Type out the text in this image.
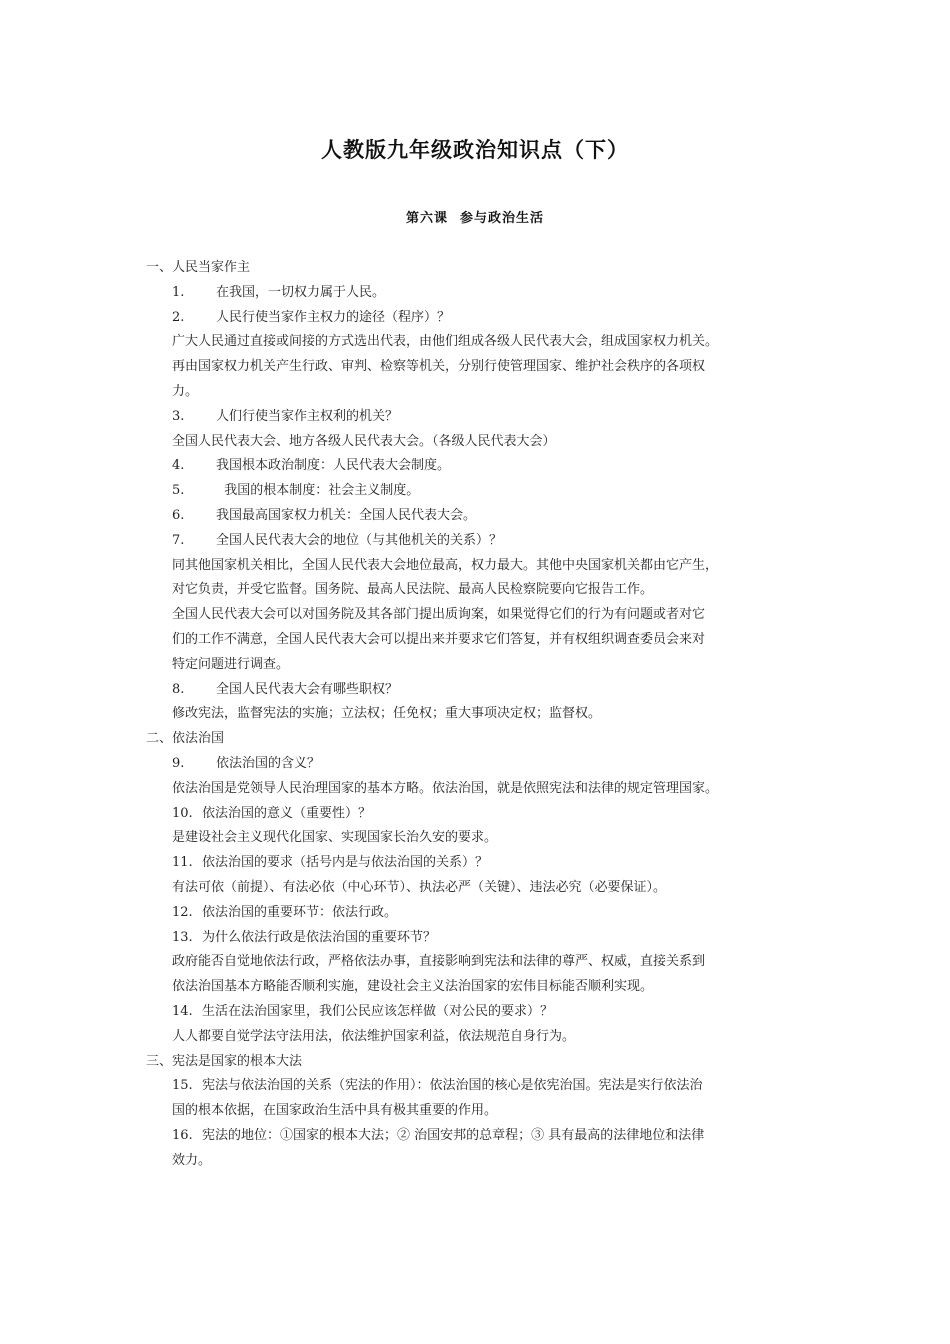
人教版九年级政治知识点（下）
第六课 参与政治生活

一、人民当家作主

1. 在我国，一切权力属于人民。

2. 人民行使当家作主权力的途径（程序）？

广大人民通过直接或间接的方式选出代表，由他们组成各级人民代表大会，组成国家权力机关。

再由国家权力机关产生行政、审判、检察等机关，分别行使管理国家、维护社会秩序的各项权

力。

3. 人们行使当家作主权利的机关？

全国人民代表大会、地方各级人民代表大会。（各级人民代表大会）

4. 我国根本政治制度：人民代表大会制度。

5.  我国的根本制度：社会主义制度。

6. 我国最高国家权力机关：全国人民代表大会。

7. 全国人民代表大会的地位（与其他机关的关系）？

同其他国家机关相比，全国人民代表大会地位最高，权力最大。其他中央国家机关都由它产生，

对它负责，并受它监督。国务院、最高人民法院、最高人民检察院要向它报告工作。

全国人民代表大会可以对国务院及其各部门提出质询案，如果觉得它们的行为有问题或者对它

们的工作不满意，全国人民代表大会可以提出来并要求它们答复，并有权组织调查委员会来对

特定问题进行调查。

8. 全国人民代表大会有哪些职权？

修改宪法，监督宪法的实施；立法权；任免权；重大事项决定权；监督权。

二、依法治国

9. 依法治国的含义？

依法治国是党领导人民治理国家的基本方略。依法治国，就是依照宪法和法律的规定管理国家。

10. 依法治国的意义（重要性）？

是建设社会主义现代化国家、实现国家长治久安的要求。

11. 依法治国的要求（括号内是与依法治国的关系）？

有法可依（前提）、有法必依（中心环节）、执法必严（关键）、违法必究（必要保证）。

12. 依法治国的重要环节：依法行政。

13. 为什么依法行政是依法治国的重要环节？

政府能否自觉地依法行政，严格依法办事，直接影响到宪法和法律的尊严、权威，直接关系到

依法治国基本方略能否顺利实施，建设社会主义法治国家的宏伟目标能否顺利实现。

14. 生活在法治国家里，我们公民应该怎样做（对公民的要求）？

人人都要自觉学法守法用法，依法维护国家利益，依法规范自身行为。

三、宪法是国家的根本大法

15. 宪法与依法治国的关系（宪法的作用）：依法治国的核心是依宪治国。宪法是实行依法治

国的根本依据，在国家政治生活中具有极其重要的作用。

16. 宪法的地位：①国家的根本大法；② 治国安邦的总章程；③ 具有最高的法律地位和法律

效力。
